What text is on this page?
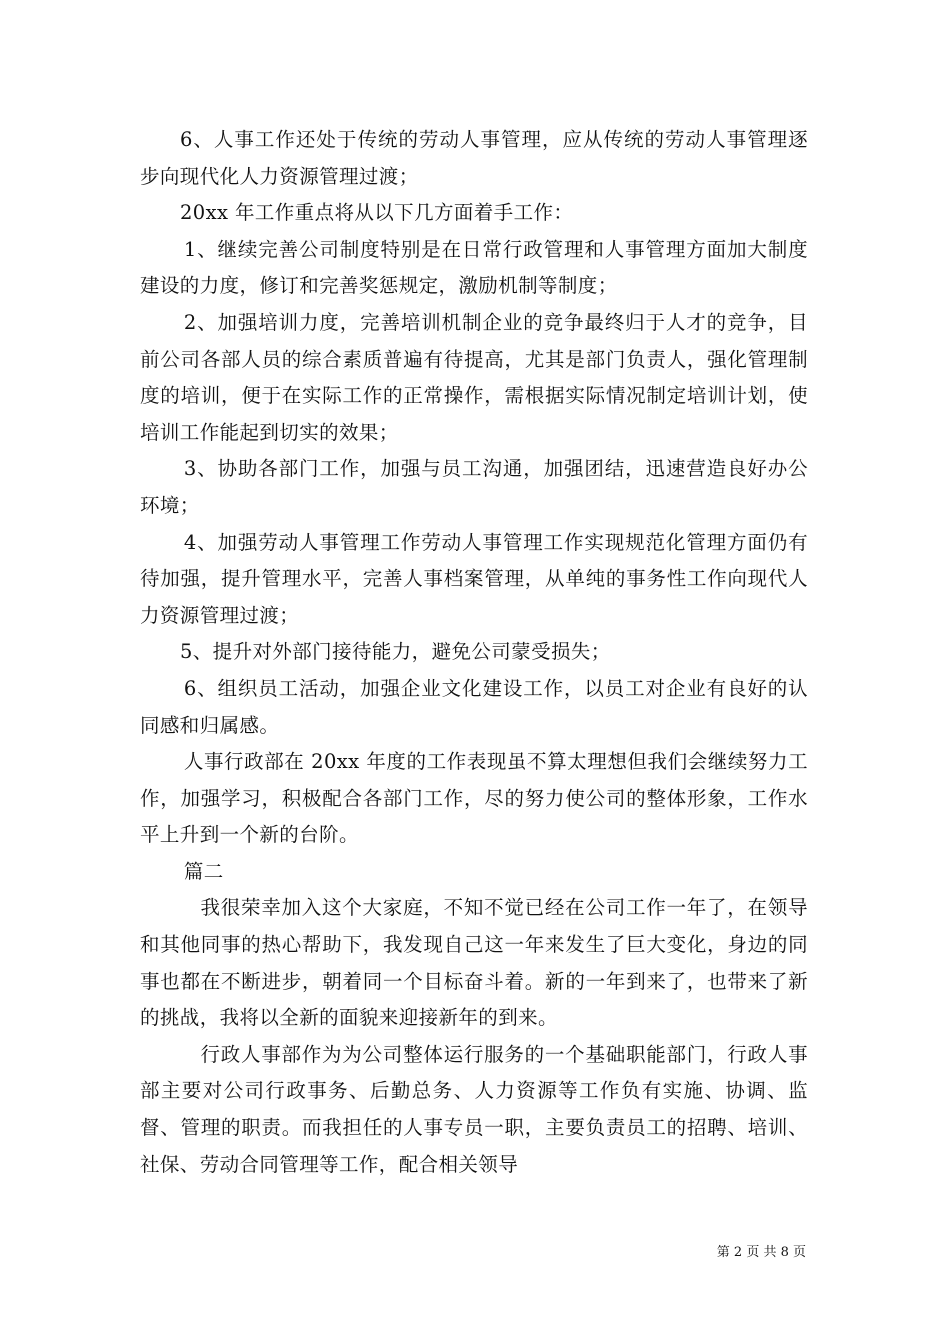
6、人事工作还处于传统的劳动人事管理，应从传统的劳动人事管理逐步向现代化人力资源管理过渡；

20xx 年工作重点将从以下几方面着手工作：

1、继续完善公司制度特别是在日常行政管理和人事管理方面加大制度建设的力度，修订和完善奖惩规定，激励机制等制度；

2、加强培训力度，完善培训机制企业的竞争最终归于人才的竞争，目前公司各部人员的综合素质普遍有待提高，尤其是部门负责人，强化管理制度的培训，便于在实际工作的正常操作，需根据实际情况制定培训计划，使培训工作能起到切实的效果；

3、协助各部门工作，加强与员工沟通，加强团结，迅速营造良好办公环境；

4、加强劳动人事管理工作劳动人事管理工作实现规范化管理方面仍有待加强，提升管理水平，完善人事档案管理，从单纯的事务性工作向现代人力资源管理过渡；

5、提升对外部门接待能力，避免公司蒙受损失；

6、组织员工活动，加强企业文化建设工作，以员工对企业有良好的认同感和归属感。

人事行政部在 20xx 年度的工作表现虽不算太理想但我们会继续努力工作，加强学习，积极配合各部门工作，尽的努力使公司的整体形象，工作水平上升到一个新的台阶。

篇二

我很荣幸加入这个大家庭，不知不觉已经在公司工作一年了，在领导和其他同事的热心帮助下，我发现自己这一年来发生了巨大变化，身边的同事也都在不断进步，朝着同一个目标奋斗着。新的一年到来了，也带来了新的挑战，我将以全新的面貌来迎接新年的到来。

行政人事部作为为公司整体运行服务的一个基础职能部门，行政人事部主要对公司行政事务、后勤总务、人力资源等工作负有实施、协调、监督、管理的职责。而我担任的人事专员一职，主要负责员工的招聘、培训、社保、劳动合同管理等工作，配合相关领导

第 2 页 共 8 页
